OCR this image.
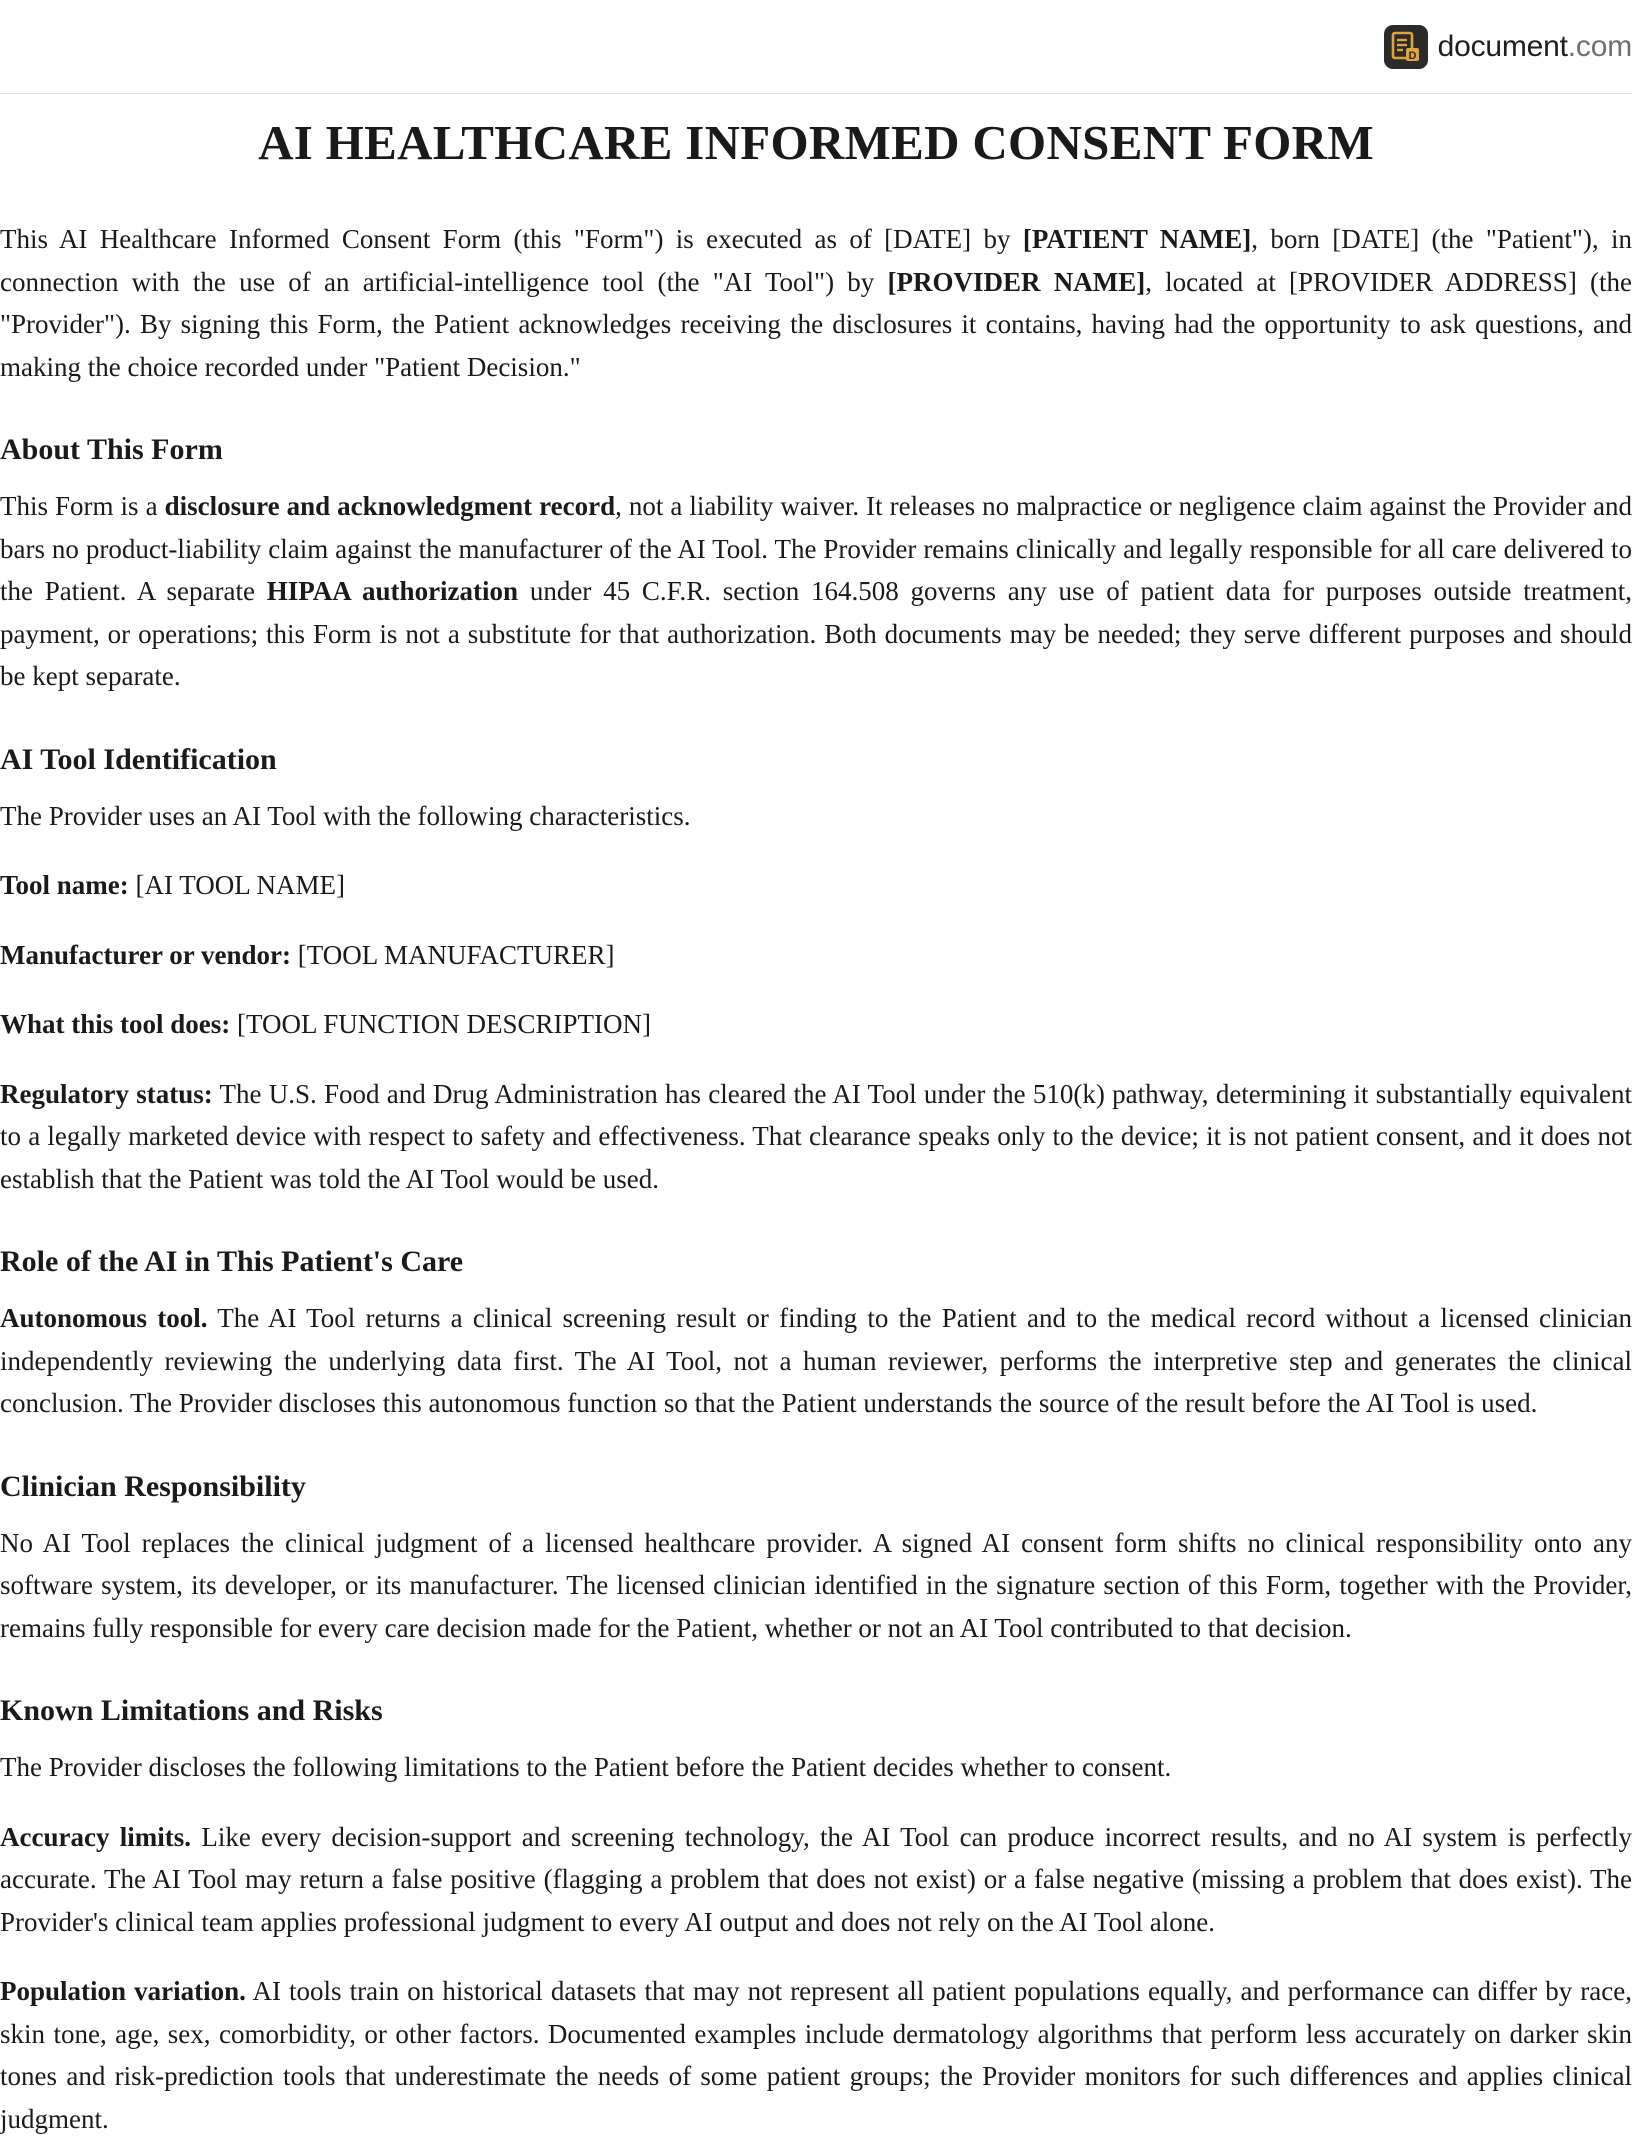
D document.com
AI HEALTHCARE INFORMED CONSENT FORM

This AI Healthcare Informed Consent Form (this "Form") is executed as of [DATE] by [PATIENT NAME], born [DATE] (the "Patient"), in connection with the use of an artificial-intelligence tool (the "AI Tool") by [PROVIDER NAME], located at [PROVIDER ADDRESS] (the "Provider"). By signing this Form, the Patient acknowledges receiving the disclosures it contains, having had the opportunity to ask questions, and making the choice recorded under "Patient Decision."

About This Form

This Form is a disclosure and acknowledgment record, not a liability waiver. It releases no malpractice or negligence claim against the Provider and bars no product-liability claim against the manufacturer of the AI Tool. The Provider remains clinically and legally responsible for all care delivered to the Patient. A separate HIPAA authorization under 45 C.F.R. section 164.508 governs any use of patient data for purposes outside treatment, payment, or operations; this Form is not a substitute for that authorization. Both documents may be needed; they serve different purposes and should be kept separate.

AI Tool Identification

The Provider uses an AI Tool with the following characteristics.

Tool name: [AI TOOL NAME]

Manufacturer or vendor: [TOOL MANUFACTURER]

What this tool does: [TOOL FUNCTION DESCRIPTION]

Regulatory status: The U.S. Food and Drug Administration has cleared the AI Tool under the 510(k) pathway, determining it substantially equivalent to a legally marketed device with respect to safety and effectiveness. That clearance speaks only to the device; it is not patient consent, and it does not establish that the Patient was told the AI Tool would be used.

Role of the AI in This Patient's Care

Autonomous tool. The AI Tool returns a clinical screening result or finding to the Patient and to the medical record without a licensed clinician independently reviewing the underlying data first. The AI Tool, not a human reviewer, performs the interpretive step and generates the clinical conclusion. The Provider discloses this autonomous function so that the Patient understands the source of the result before the AI Tool is used.

Clinician Responsibility

No AI Tool replaces the clinical judgment of a licensed healthcare provider. A signed AI consent form shifts no clinical responsibility onto any software system, its developer, or its manufacturer. The licensed clinician identified in the signature section of this Form, together with the Provider, remains fully responsible for every care decision made for the Patient, whether or not an AI Tool contributed to that decision.

Known Limitations and Risks

The Provider discloses the following limitations to the Patient before the Patient decides whether to consent.

Accuracy limits. Like every decision-support and screening technology, the AI Tool can produce incorrect results, and no AI system is perfectly accurate. The AI Tool may return a false positive (flagging a problem that does not exist) or a false negative (missing a problem that does exist). The Provider's clinical team applies professional judgment to every AI output and does not rely on the AI Tool alone.

Population variation. AI tools train on historical datasets that may not represent all patient populations equally, and performance can differ by race, skin tone, age, sex, comorbidity, or other factors. Documented examples include dermatology algorithms that perform less accurately on darker skin tones and risk-prediction tools that underestimate the needs of some patient groups; the Provider monitors for such differences and applies clinical judgment.
